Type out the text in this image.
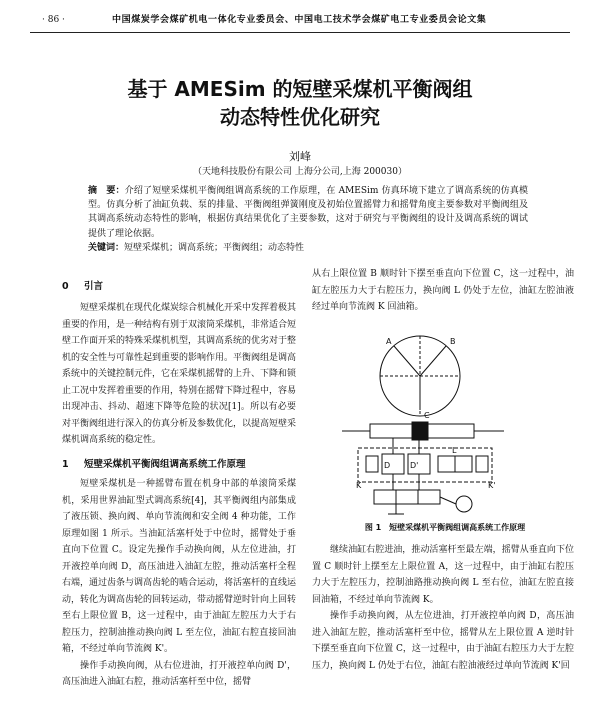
· 86 ·	中国煤炭学会煤矿机电一体化专业委员会、中国电工技术学会煤矿电工专业委员会论文集
基于 AMESim 的短壁采煤机平衡阀组
动态特性优化研究
刘峰
（天地科技股份有限公司 上海分公司,上海 200030）
摘　要：介绍了短壁采煤机平衡阀组调高系统的工作原理，在 AMESim 仿真环境下建立了调高系统的仿真模型。仿真分析了油缸负载、泵的排量、平衡阀组弹簧刚度及初始位置摇臂力和摇臂角度主要参数对平衡阀组及其调高系统动态特性的影响，根据仿真结果优化了主要参数，这对于研究与平衡阀组的设计及调高系统的调试提供了理论依据。
关键词：短壁采煤机；调高系统；平衡阀组；动态特性
0 引言

短壁采煤机在现代化煤炭综合机械化开采中发挥着极其重要的作用，是一种结构有别于双滚筒采煤机，非常适合短壁工作面开采的特殊采煤机机型，其调高系统的优劣对于整机的安全性与可靠性起到重要的影响作用。平衡阀组是调高系统中的关键控制元件，它在采煤机摇臂的上升、下降和锁止工况中发挥着重要的作用，特别在摇臂下降过程中，容易出现冲击、抖动、超速下降等危险的状况[1]。所以有必要对平衡阀组进行深入的仿真分析及参数优化，以提高短壁采煤机调高系统的稳定性。

1 短壁采煤机平衡阀组调高系统工作原理

短壁采煤机是一种摇臂布置在机身中部的单滚筒采煤机，采用世界油缸型式调高系统[4]，其平衡阀组内部集成了液压锁、换向阀、单向节流阀和安全阀 4 种功能，工作原理如图 1 所示。当油缸活塞杆处于中位时，摇臂处于垂直向下位置 C。设定先操作手动换向阀，从左位进油，打开液控单向阀 D，高压油进入油缸左腔，推动活塞杆全程右端，通过齿条与调高齿轮的啮合运动，将活塞杆的直线运动，转化为调高齿轮的回转运动，带动摇臂逆时针向上回转至右上限位置 B，这一过程中，由于油缸左腔压力大于右腔压力，控制油推动换向阀 L 至左位，油缸右腔直接回油箱，不经过单向节流阀 K'。

操作手动换向阀，从右位进油，打开液控单向阀 D'，高压油进入油缸右腔，推动活塞杆至中位，摇臂

从右上限位置 B 顺时针下摆至垂直向下位置 C，这一过程中，油缸左腔压力大于右腔压力，换向阀 L 仍处于左位，油缸左腔油液经过单向节流阀 K 回油箱。

A	B
C
D D'
K	K'
L
图 1　短壁采煤机平衡阀组调高系统工作原理

继续油缸右腔进油，推动活塞杆至最左端，摇臂从垂直向下位置 C 顺时针上摆至左上限位置 A，这一过程中，由于油缸右腔压力大于左腔压力，控制油路推动换向阀 L 至右位，油缸左腔直接回油箱，不经过单向节流阀 K。

操作手动换向阀，从左位进油，打开液控单向阀 D，高压油进入油缸左腔，推动活塞杆至中位，摇臂从左上限位置 A 逆时针下摆至垂直向下位置 C，这一过程中，由于油缸右腔压力大于左腔压力，换向阀 L 仍处于右位，油缸右腔油液经过单向节流阀 K'回
